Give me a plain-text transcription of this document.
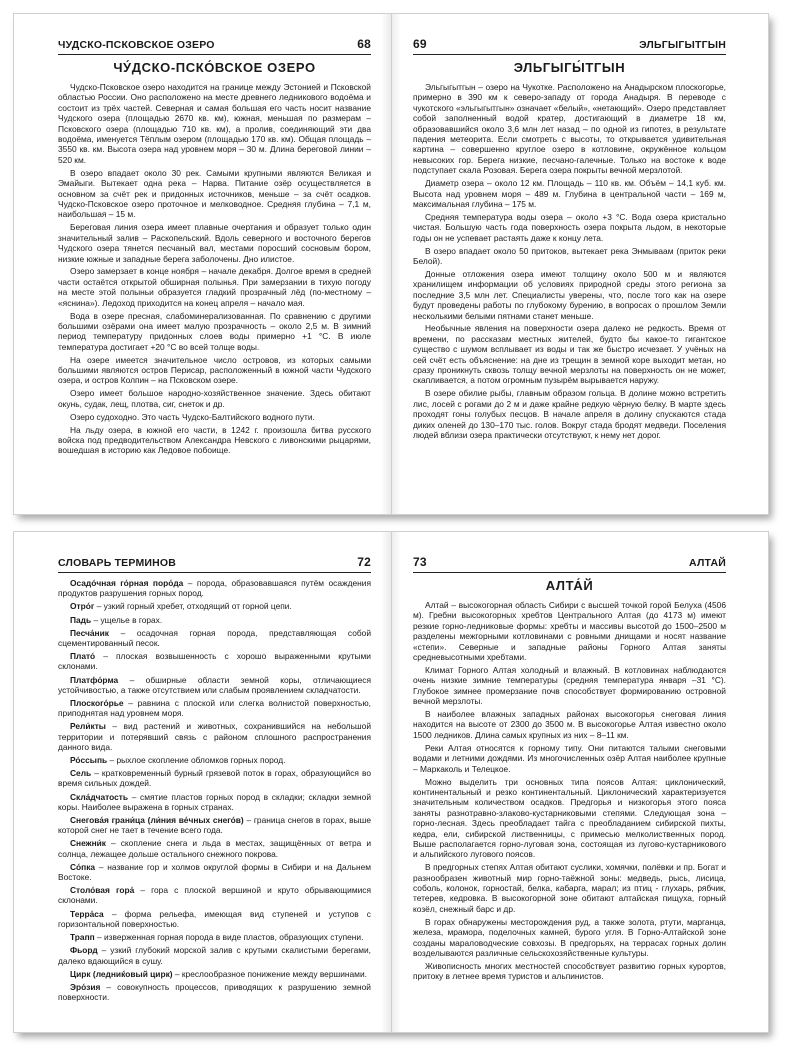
ЧУДСКО-ПСКОВСКОЕ ОЗЕРО	68
ЧУ́ДСКО-ПСКО́ВСКОЕ ОЗЕРО

Чудско-Псковское озеро находится на границе между Эстонией и Псковской областью России. Оно расположено на месте древнего ледникового водоёма и состоит из трёх частей. Северная и самая большая его часть носит название Чудского озера (площадью 2670 кв. км), южная, меньшая по размерам – Псковского озера (площадью 710 кв. км), а пролив, соединяющий эти два водоёма, именуется Тёплым озером (площадью 170 кв. км). Общая площадь – 3550 кв. км. Высота озера над уровнем моря – 30 м. Длина береговой линии – 520 км.

В озеро впадает около 30 рек. Самыми крупными являются Великая и Эмайыги. Вытекает одна река – Нарва. Питание озёр осуществляется в основном за счёт рек и придонных источников, меньше – за счёт осадков. Чудско-Псковское озеро проточное и мелководное. Средняя глубина – 7,1 м, наибольшая – 15 м.

Береговая линия озера имеет плавные очертания и образует только один значительный залив – Раскопельский. Вдоль северного и восточного берегов Чудского озера тянется песчаный вал, местами поросший сосновым бором, низкие южные и западные берега заболочены. Дно илистое.

Озеро замерзает в конце ноября – начале декабря. Долгое время в средней части остаётся открытой обширная полынья. При замерзании в тихую погоду на месте этой полыньи образуется гладкий прозрачный лёд (по-местному – «яснина»). Ледоход приходится на конец апреля – начало мая.

Вода в озере пресная, слабоминерализованная. По сравнению с другими большими озёрами она имеет малую прозрачность – около 2,5 м. В зимний период температуру придонных слоев воды примерно +1 °С. В июле температура достигает +20 °С во всей толще воды.

На озере имеется значительное число островов, из которых самыми большими являются остров Перисар, расположенный в южной части Чудского озера, и остров Колпин – на Псковском озере.

Озеро имеет большое народно-хозяйственное значение. Здесь обитают окунь, судак, лещ, плотва, сиг, снеток и др.

Озеро судоходно. Это часть Чудско-Балтийского водного пути.

На льду озера, в южной его части, в 1242 г. произошла битва русского войска под предводительством Александра Невского с ливонскими рыцарями, вошедшая в историю как Ледовое побоище.

69	ЭЛЬГЫГЫТГЫН
ЭЛЬГЫГЫ́ТГЫН

Эльгыгытгын – озеро на Чукотке. Расположено на Анадырском плоскогорье, примерно в 390 км к северо-западу от города Анадыря. В переводе с чукотского «эльгыгытгын» означает «белый», «нетающий». Озеро представляет собой заполненный водой кратер, достигающий в диаметре 18 км, образовавшийся около 3,6 млн лет назад – по одной из гипотез, в результате падения метеорита. Если смотреть с высоты, то открывается удивительная картина – совершенно круглое озеро в котловине, окружённое кольцом невысоких гор. Берега низкие, песчано-галечные. Только на востоке к воде подступает скала Розовая. Берега озера покрыты вечной мерзлотой.

Диаметр озера – около 12 км. Площадь – 110 кв. км. Объём – 14,1 куб. км. Высота над уровнем моря – 489 м. Глубина в центральной части – 169 м, максимальная глубина – 175 м.

Средняя температура воды озера – около +3 °С. Вода озера кристально чистая. Большую часть года поверхность озера покрыта льдом, в некоторые годы он не успевает растаять даже к концу лета.

В озеро впадает около 50 притоков, вытекает река Энмываам (приток реки Белой).

Донные отложения озера имеют толщину около 500 м и являются хранилищем информации об условиях природной среды этого региона за последние 3,5 млн лет. Специалисты уверены, что, после того как на озере будут проведены работы по глубокому бурению, в вопросах о прошлом Земли несколькими белыми пятнами станет меньше.

Необычные явления на поверхности озера далеко не редкость. Время от времени, по рассказам местных жителей, будто бы какое-то гигантское существо с шумом всплывает из воды и так же быстро исчезает. У учёных на сей счёт есть объяснение: на дне из трещин в земной коре выходит метан, но сразу проникнуть сквозь толщу вечной мерзлоты на поверхность он не может, скапливается, а потом огромным пузырём вырывается наружу.

В озере обилие рыбы, главным образом гольца. В долине можно встретить лис, лосей с рогами до 2 м и даже крайне редкую чёрную белку. В марте здесь проходят гоны голубых песцов. В начале апреля в долину спускаются стада диких оленей до 130–170 тыс. голов. Вокруг стада бродят медведи. Поселения людей вблизи озера практически отсутствуют, к нему нет дорог.

СЛОВАРЬ ТЕРМИНОВ	72
Осадо́чная го́рная поро́да – порода, образовавшаяся путём осаждения продуктов разрушения горных пород.
Отро́г – узкий горный хребет, отходящий от горной цепи.
Падь – ущелье в горах.
Песча́ник – осадочная горная порода, представляющая собой сцементированный песок.
Плато́ – плоская возвышенность с хорошо выраженными крутыми склонами.
Платфо́рма – обширные области земной коры, отличающиеся устойчивостью, а также отсутствием или слабым проявлением складчатости.
Плоского́рье – равнина с плоской или слегка волнистой поверхностью, приподнятая над уровнем моря.
Рели́кты – вид растений и животных, сохранившийся на небольшой территории и потерявший связь с районом сплошного распространения данного вида.
Ро́ссыпь – рыхлое скопление обломков горных пород.
Сель – кратковременный бурный грязевой поток в горах, образующийся во время сильных дождей.
Скла́дчатость – смятие пластов горных пород в складки; складки земной коры. Наиболее выражена в горных странах.
Снегова́я грани́ца (ли́ния ве́чных снего́в) – граница снегов в горах, выше которой снег не тает в течение всего года.
Снежни́к – скопление снега и льда в местах, защищённых от ветра и солнца, лежащее дольше остального снежного покрова.
Со́пка – название гор и холмов округлой формы в Сибири и на Дальнем Востоке.
Столо́вая гора́ – гора с плоской вершиной и круто обрывающимися склонами.
Терра́са – форма рельефа, имеющая вид ступеней и уступов с горизонтальной поверхностью.
Трапп – изверженная горная порода в виде пластов, образующих ступени.
Фьорд – узкий глубокий морской залив с крутыми скалистыми берегами, далеко вдающийся в сушу.
Цирк (ледниќовый цирк) – креслообразное понижение между вершинами.
Эро́зия – совокупность процессов, приводящих к разрушению земной поверхности.
73	АЛТАЙ
АЛТА́Й

Алтай – высокогорная область Сибири с высшей точкой горой Белуха (4506 м). Гребни высокогорных хребтов Центрального Алтая (до 4173 м) имеют резкие горно-ледниковые формы: хребты и массивы высотой до 1500–2500 м разделены межгорными котловинами с ровными днищами и носят название «степи». Северные и западные районы Горного Алтая заняты средневысотными хребтами.

Климат Горного Алтая холодный и влажный. В котловинах наблюдаются очень низкие зимние температуры (средняя температура января –31 °С). Глубокое зимнее промерзание почв способствует формированию островной вечной мерзлоты.

В наиболее влажных западных районах высокогорья снеговая линия находится на высоте от 2300 до 3500 м. В высокогорье Алтая известно около 1500 ледников. Длина самых крупных из них – 8–11 км.

Реки Алтая относятся к горному типу. Они питаются талыми снеговыми водами и летними дождями. Из многочисленных озёр Алтая наиболее крупные – Маркаколь и Телецкое.

Можно выделить три основных типа поясов Алтая: циклонический, континентальный и резко континентальный. Циклонический характеризуется значительным количеством осадков. Предгорья и низкогорья этого пояса заняты разнотравно-злаково-кустарниковыми степями. Следующая зона – горно-лесная. Здесь преобладает тайга с преобладанием сибирской пихты, кедра, ели, сибирской лиственницы, с примесью мелколиственных пород. Выше располагается горно-луговая зона, состоящая из лугово-кустарникового и альпийского лугового поясов.

В предгорных степях Алтая обитают суслики, хомячки, полёвки и пр. Богат и разнообразен животный мир горно-таёжной зоны: медведь, рысь, лисица, соболь, колонок, горностай, белка, кабарга, марал; из птиц - глухарь, рябчик, тетерев, кедровка. В высокогорной зоне обитают алтайская пищуха, горный козёл, снежный барс и др.

В горах обнаружены месторождения руд, а также золота, ртути, марганца, железа, мрамора, поделочных камней, бурого угля. В Горно-Алтайской зоне созданы мараловодческие совхозы. В предгорьях, на террасах горных долин возделываются различные сельскохозяйственные культуры.

Живописность многих местностей способствует развитию горных курортов, притоку в летнее время туристов и альпинистов.
